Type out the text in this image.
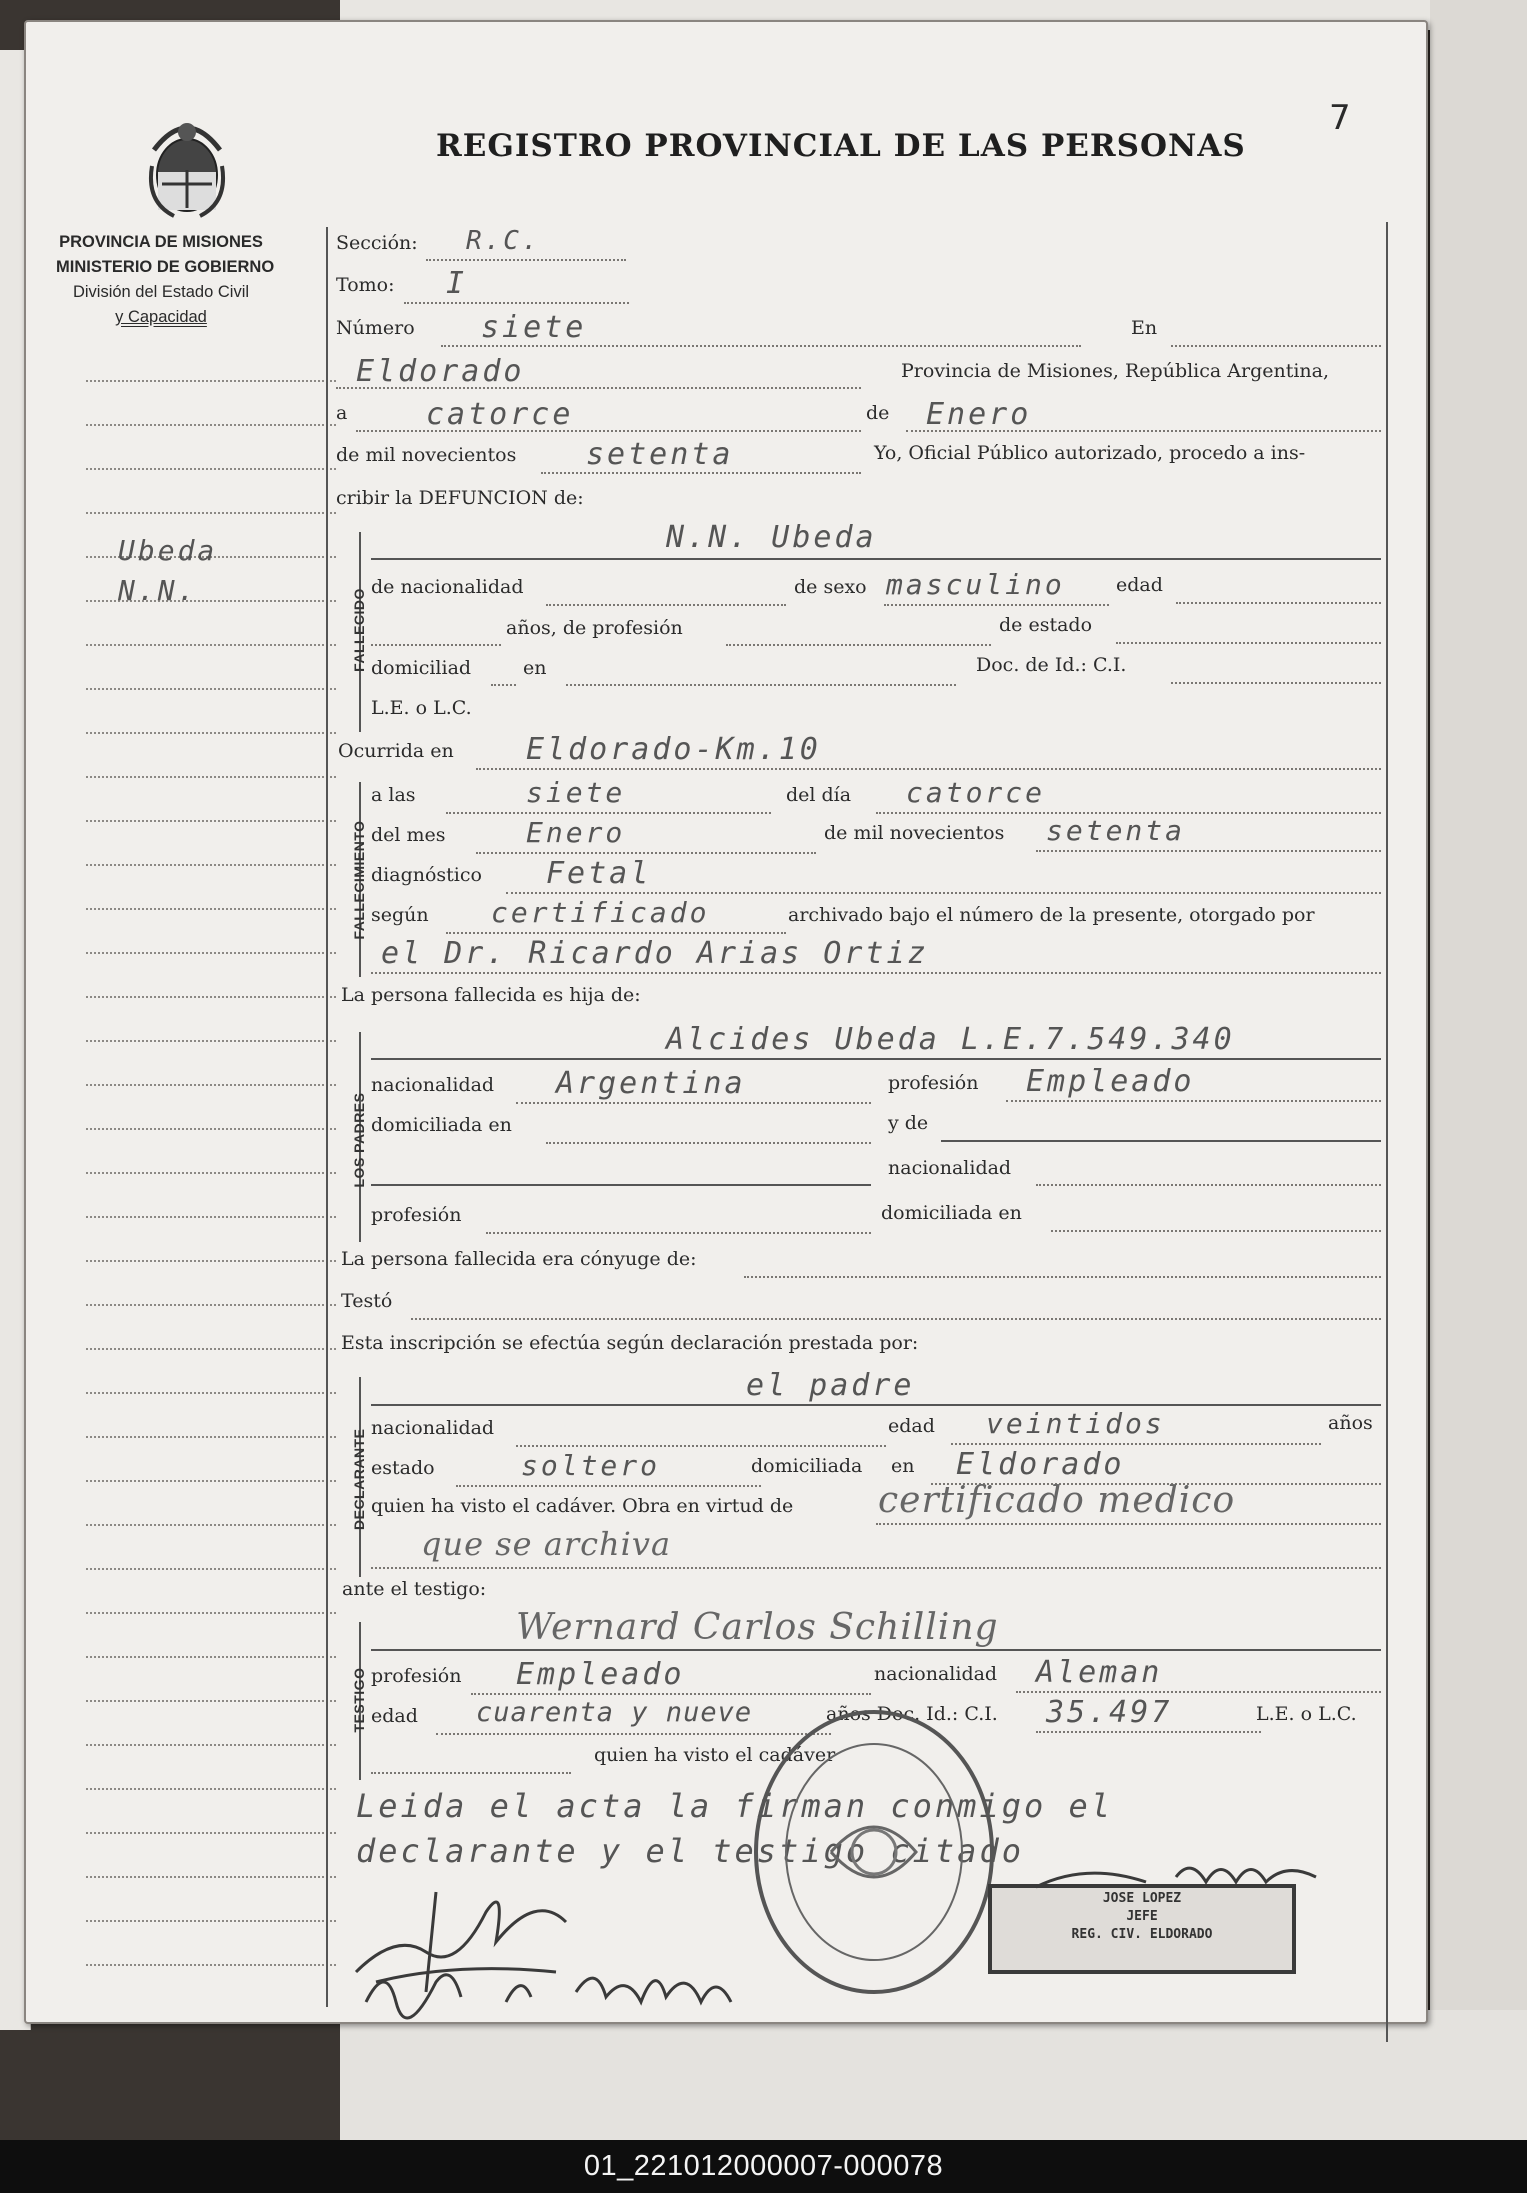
REGISTRO PROVINCIAL DE LAS PERSONAS
7
PROVINCIA DE MISIONES
MINISTERIO DE GOBIERNO
División del Estado Civil
y Capacidad
Ubeda
N.N.
Sección: R.C.
Tomo: I
Número siete	En
Eldorado	Provincia de Misiones, República Argentina,
a	catorce	de Enero
de mil novecientos setenta	Yo, Oficial Público autorizado, procedo a ins-
cribir la DEFUNCION de:
FALLECIDO
N.N. Ubeda
de nacionalidad	de sexo masculino	edad
años, de profesión	de estado
domiciliad	en	Doc. de Id.: C.I.
L.E. o L.C.
Ocurrida en Eldorado-Km.10
FALLECIMIENTO
a las	siete	del día catorce
del mes	Enero	de mil novecientos setenta
diagnóstico Fetal
según certificado	archivado bajo el número de la presente, otorgado por
el Dr. Ricardo Arias Ortiz
La persona fallecida es hija de:
LOS PADRES
Alcides Ubeda L.E.7.549.340
nacionalidad Argentina	profesión Empleado
domiciliada en	y de
nacionalidad
profesión	domiciliada en
La persona fallecida era cónyuge de:
Testó
Esta inscripción se efectúa según declaración prestada por:
DECLARANTE
el padre
nacionalidad	edad veintidos	años
estado	soltero	domiciliada en Eldorado
quien ha visto el cadáver. Obra en virtud de certificado medico
que se archiva
ante el testigo:
TESTIGO
Wernard Carlos Schilling
profesión Empleado	nacionalidad Aleman
edad cuarenta y nueve	años Doc. Id.: C.I. 35.497	L.E. o L.C.
quien ha visto el cadáver
Leida el acta la firman conmigo el
declarante y el testigo citado
JOSE LOPEZ
JEFE
REG. CIV. ELDORADO
01_221012000007-000078
